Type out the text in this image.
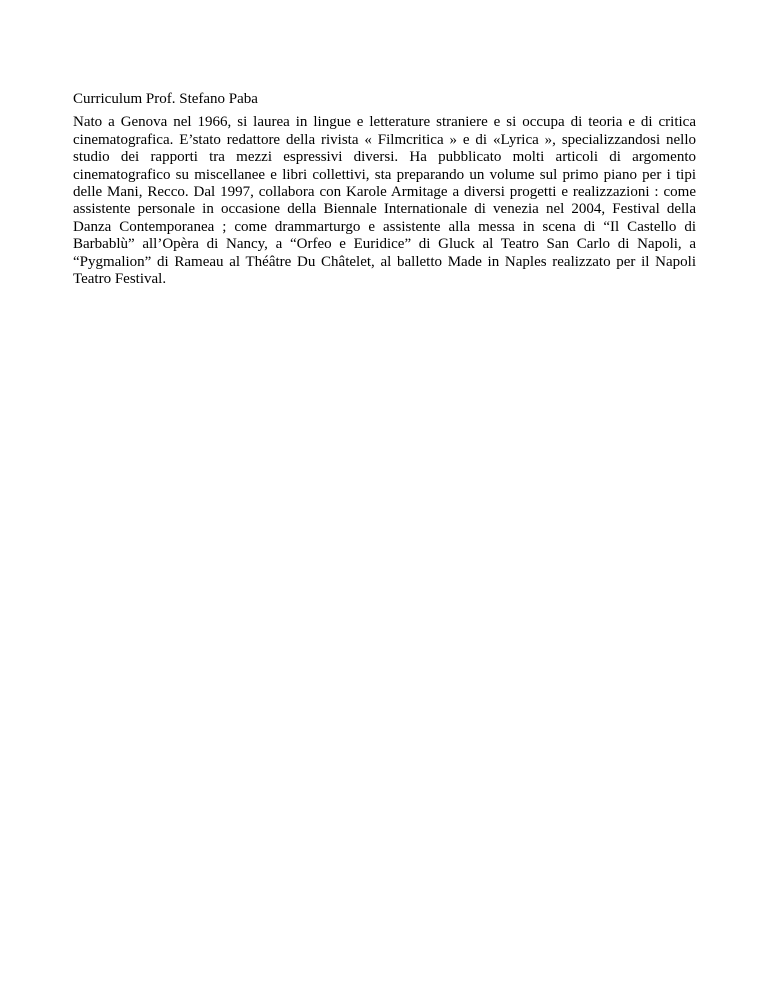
Curriculum Prof. Stefano Paba

Nato a Genova nel 1966, si laurea in lingue e letterature straniere e si occupa di teoria e di critica cinematografica. E’stato redattore della rivista « Filmcritica » e di «Lyrica », specializzandosi nello studio dei rapporti tra mezzi espressivi diversi. Ha pubblicato molti articoli di argomento cinematografico su miscellanee e libri collettivi, sta preparando un volume sul primo piano per i tipi delle Mani, Recco. Dal 1997, collabora con Karole Armitage a diversi progetti e realizzazioni : come assistente personale in occasione della Biennale Internationale di venezia nel 2004, Festival della Danza Contemporanea ; come drammarturgo e assistente alla messa in scena di “Il Castello di Barbablù” all’Opèra di Nancy, a “Orfeo e Euridice” di Gluck al Teatro San Carlo di Napoli, a “Pygmalion” di Rameau al Théâtre Du Châtelet, al balletto Made in Naples realizzato per il Napoli Teatro Festival.
